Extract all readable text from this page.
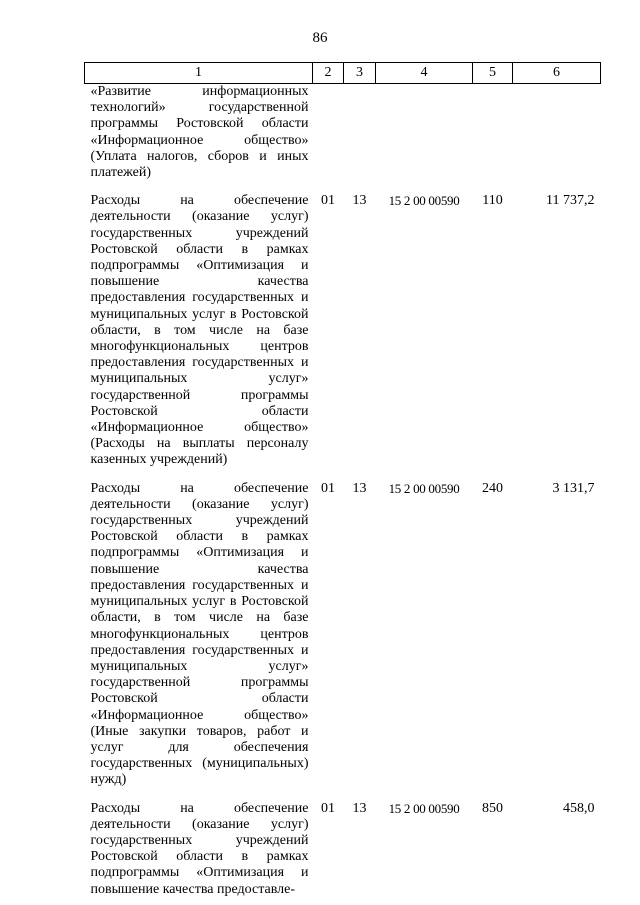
86
1	2	3	4	5	6
«Развитие информационных технологий» государственной программы Ростовской области «Информационное общество» (Уплата налогов, сборов и иных платежей)					

Расходы на обеспечение деятельности (оказание услуг) государственных учреждений Ростовской области в рамках подпрограммы «Оптимизация и повышение качества предоставления государственных и муниципальных услуг в Ростовской области, в том числе на базе многофункциональных центров предоставления государственных и муниципальных услуг» государственной программы Ростовской области «Информационное общество» (Расходы на выплаты персоналу казенных учреждений)	01	13	15 2 00 00590	110	11 737,2

Расходы на обеспечение деятельности (оказание услуг) государственных учреждений Ростовской области в рамках подпрограммы «Оптимизация и повышение качества предоставления государственных и муниципальных услуг в Ростовской области, в том числе на базе многофункциональных центров предоставления государственных и муниципальных услуг» государственной программы Ростовской области «Информационное общество» (Иные закупки товаров, работ и услуг для обеспечения государственных (муниципальных) нужд)	01	13	15 2 00 00590	240	3 131,7

Расходы на обеспечение деятельности (оказание услуг) государственных учреждений Ростовской области в рамках подпрограммы «Оптимизация и повышение качества предоставле-	01	13	15 2 00 00590	850	458,0
